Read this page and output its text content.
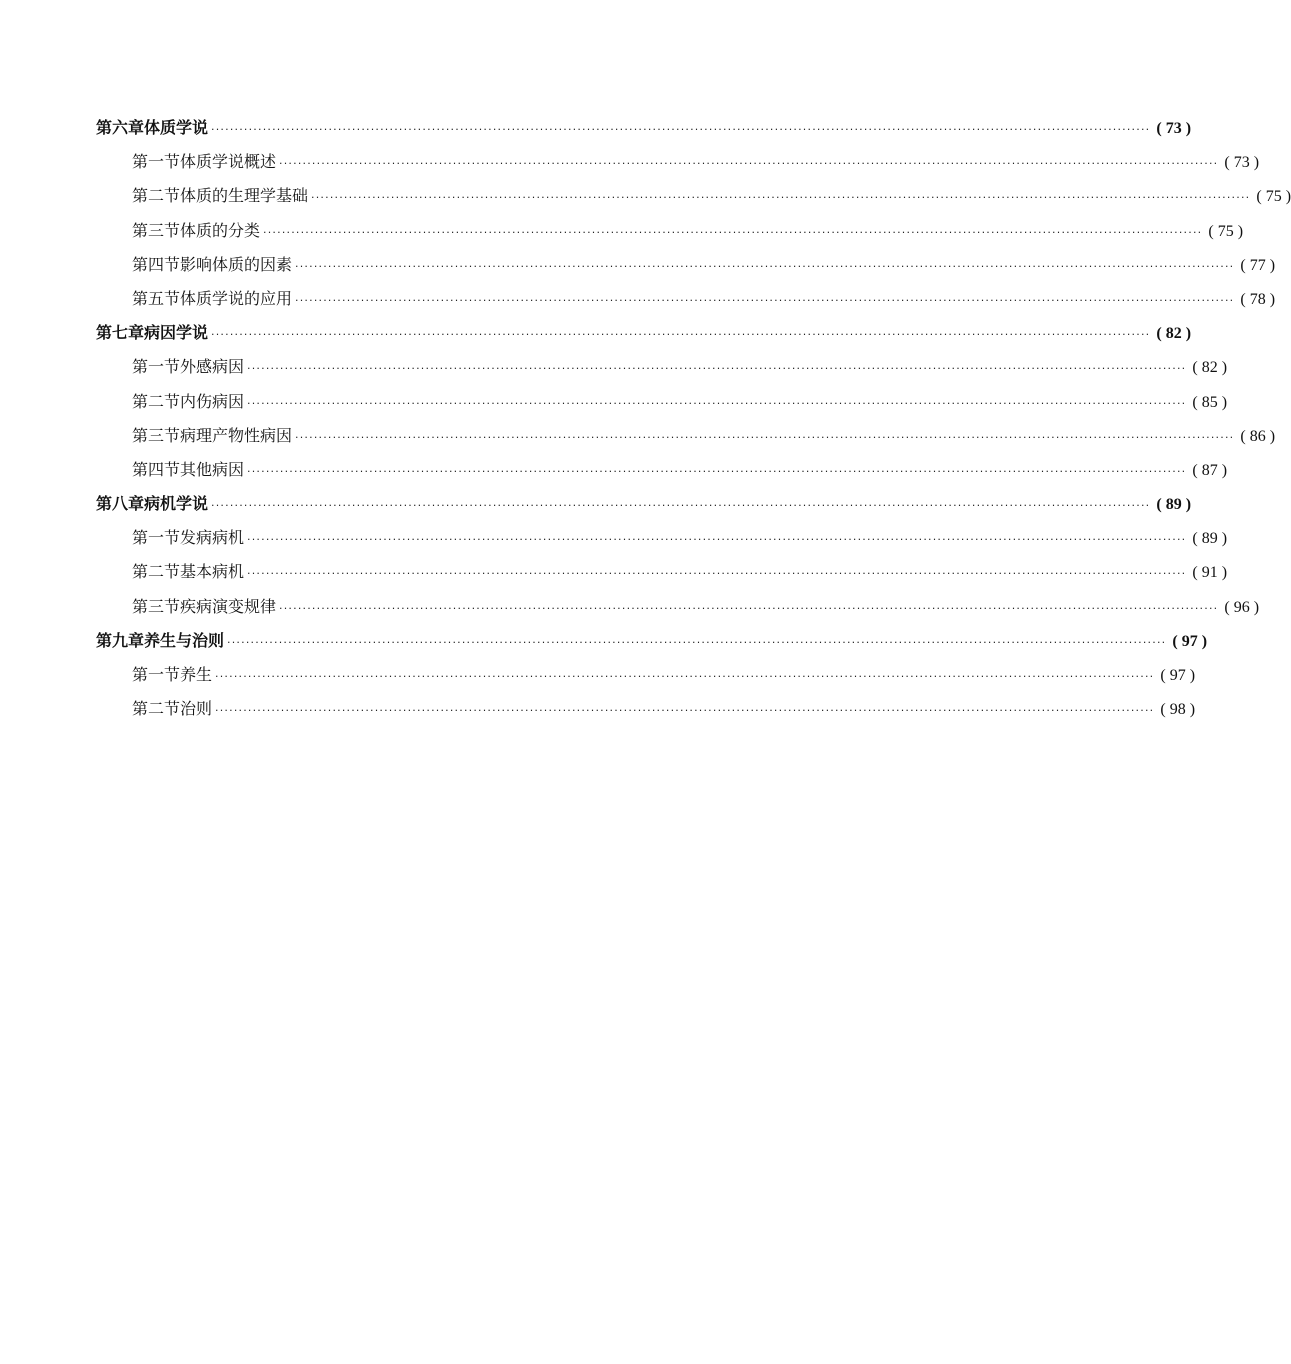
第六章 体质学说 ········································································································································································································ ( 73 )
第一节 体质学说概述 ········································································································································································································ ( 73 )
第二节 体质的生理学基础 ········································································································································································································ ( 75 )
第三节 体质的分类 ········································································································································································································ ( 75 )
第四节 影响体质的因素 ········································································································································································································ ( 77 )
第五节 体质学说的应用 ········································································································································································································ ( 78 )
第七章 病因学说 ········································································································································································································ ( 82 )
第一节 外感病因 ········································································································································································································ ( 82 )
第二节 内伤病因 ········································································································································································································ ( 85 )
第三节 病理产物性病因 ········································································································································································································ ( 86 )
第四节 其他病因 ········································································································································································································ ( 87 )
第八章 病机学说 ········································································································································································································ ( 89 )
第一节 发病病机 ········································································································································································································ ( 89 )
第二节 基本病机 ········································································································································································································ ( 91 )
第三节 疾病演变规律 ········································································································································································································ ( 96 )
第九章 养生与治则 ········································································································································································································ ( 97 )
第一节 养生 ········································································································································································································ ( 97 )
第二节 治则 ········································································································································································································ ( 98 )
